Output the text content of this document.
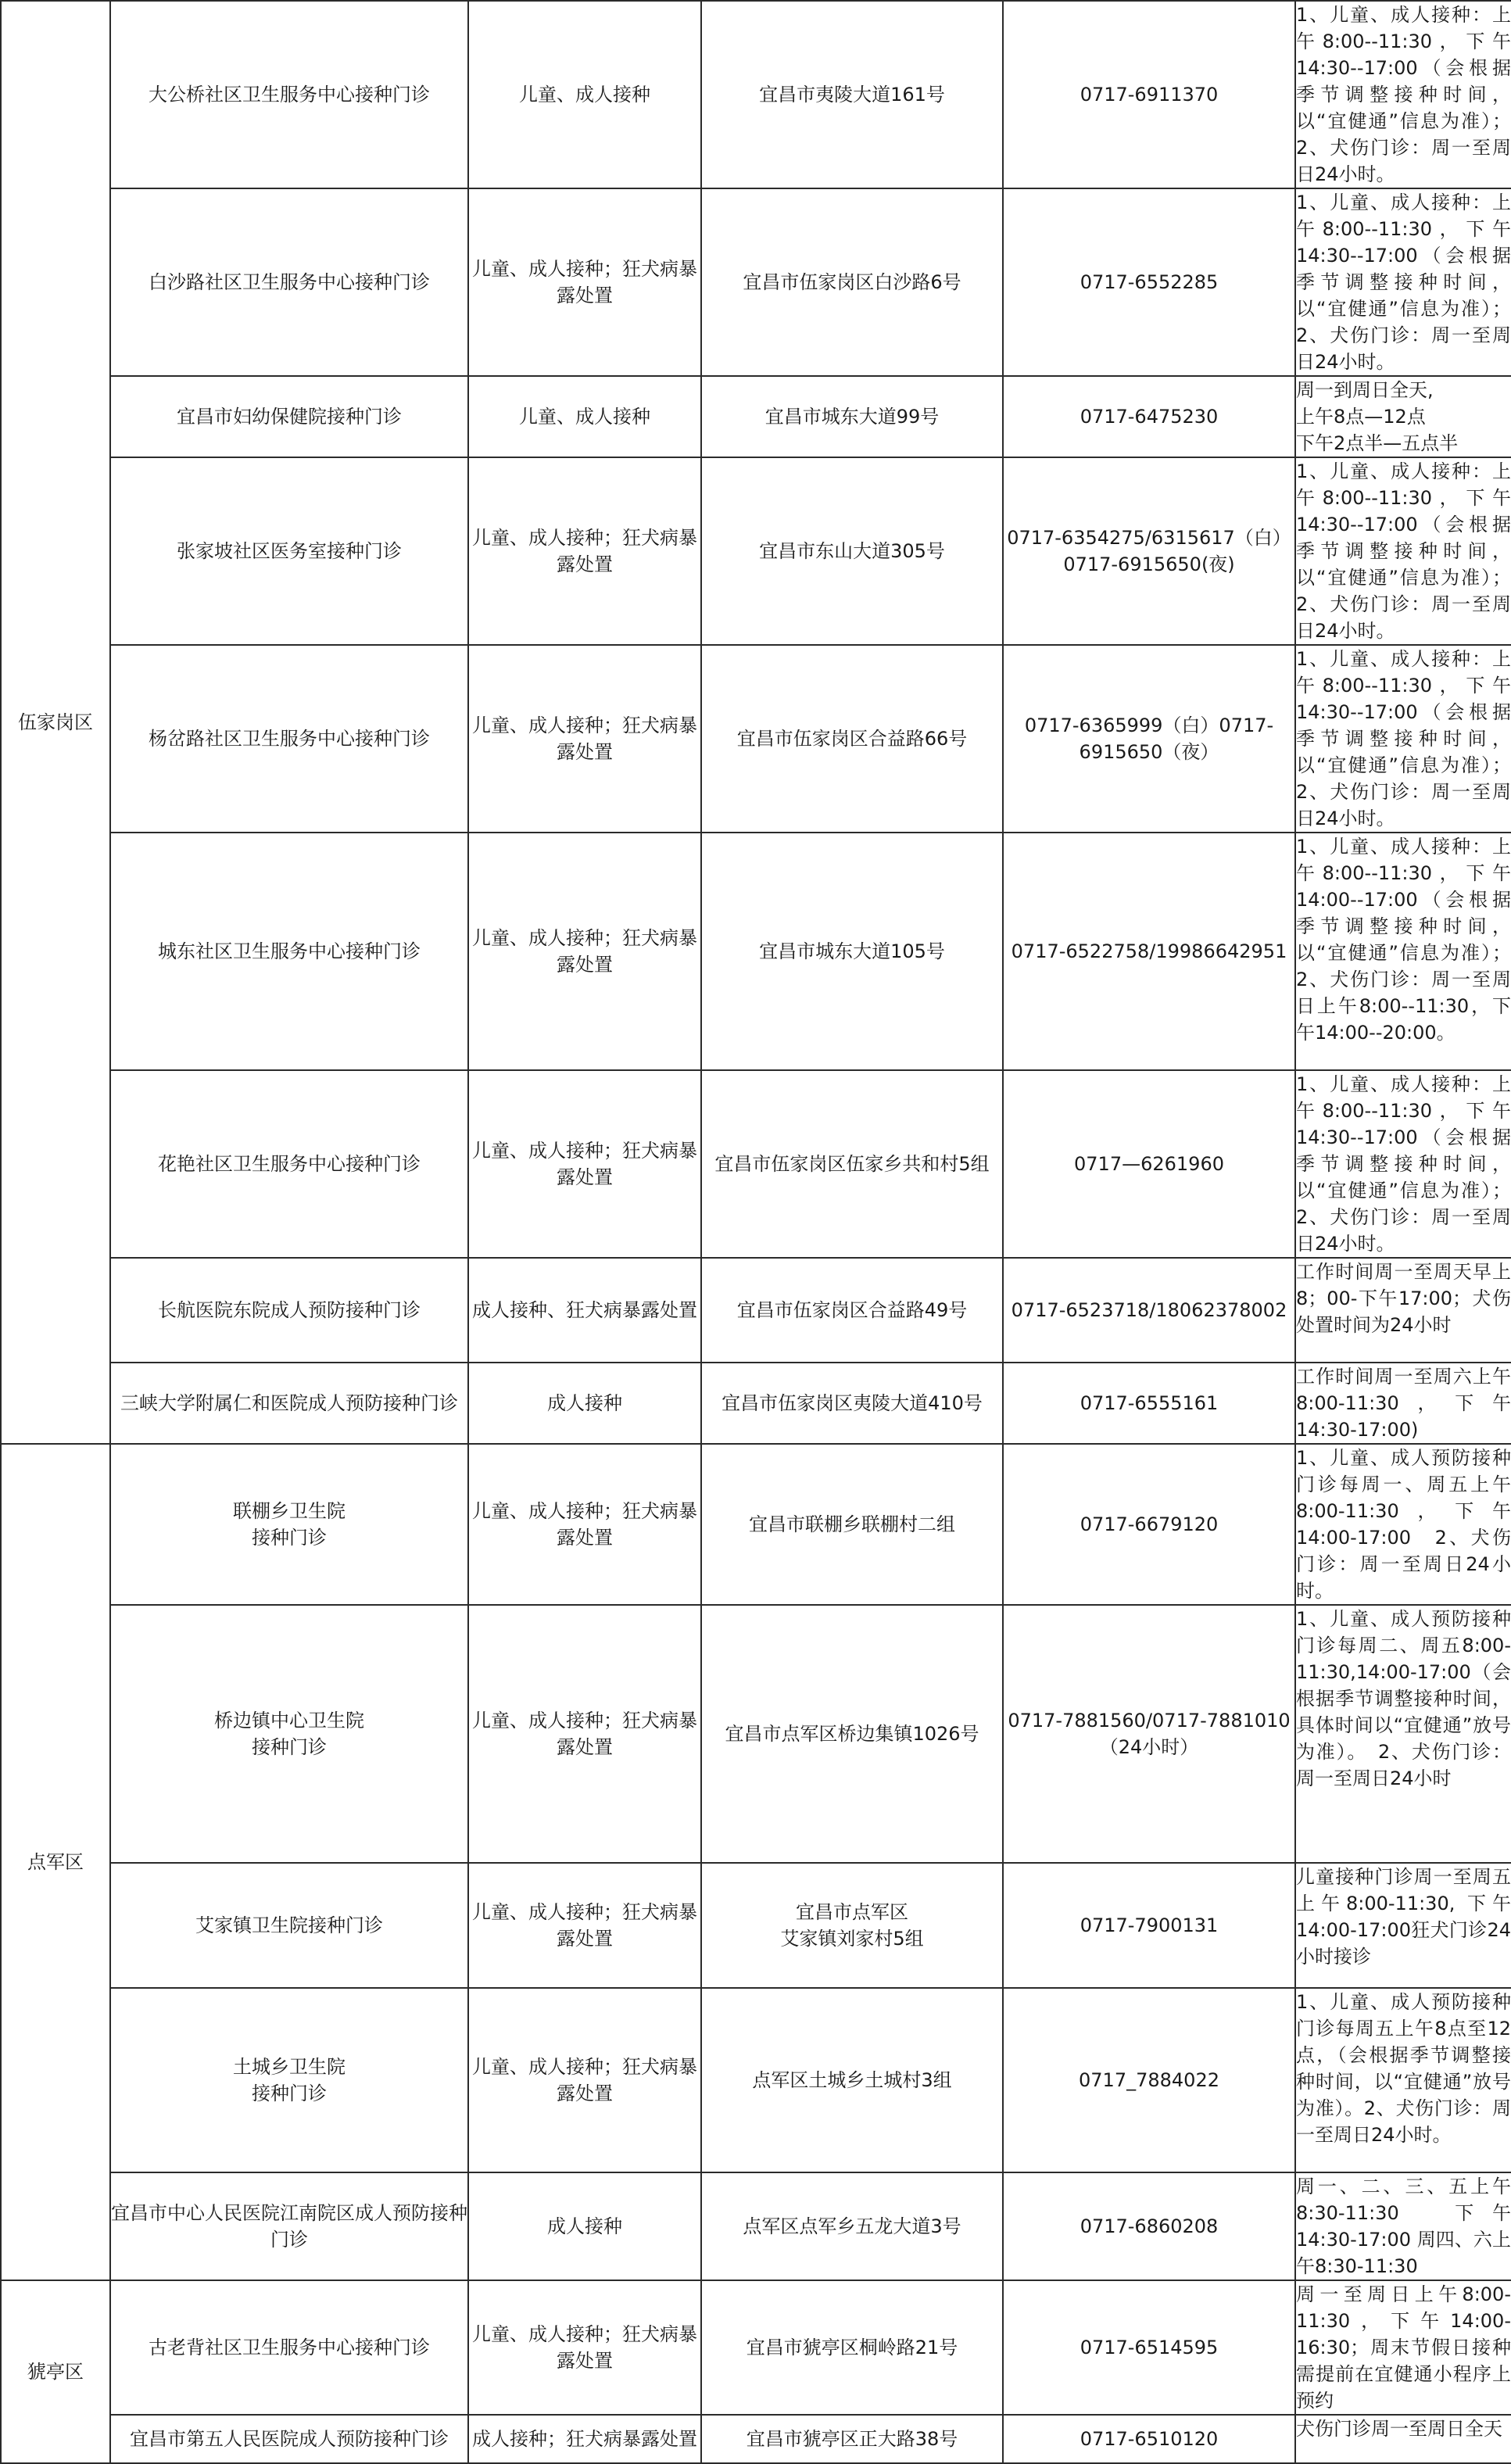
伍家岗区	大公桥社区卫生服务中心接种门诊	儿童、成人接种	宜昌市夷陵大道161号	0717-6911370	1、儿童、成人接种：上午8:00--11:30，下午14:30--17:00（会根据季节调整接种时间，以“宜健通”信息为准）；2、犬伤门诊：周一至周日24小时。

	白沙路社区卫生服务中心接种门诊	儿童、成人接种；狂犬病暴露处置	宜昌市伍家岗区白沙路6号	0717-6552285	1、儿童、成人接种：上午8:00--11:30，下午14:30--17:00（会根据季节调整接种时间，以“宜健通”信息为准）；2、犬伤门诊：周一至周日24小时。

	宜昌市妇幼保健院接种门诊	儿童、成人接种	宜昌市城东大道99号	0717-6475230	周一到周日全天,
上午8点—12点
下午2点半—五点半

	张家坡社区医务室接种门诊	儿童、成人接种；狂犬病暴露处置	宜昌市东山大道305号	0717-6354275/6315617（白）0717-6915650(夜)	1、儿童、成人接种：上午8:00--11:30，下午14:30--17:00（会根据季节调整接种时间，以“宜健通”信息为准）；2、犬伤门诊：周一至周日24小时。

	杨岔路社区卫生服务中心接种门诊	儿童、成人接种；狂犬病暴露处置	宜昌市伍家岗区合益路66号	0717-6365999（白）0717-6915650（夜）	1、儿童、成人接种：上午8:00--11:30，下午14:30--17:00（会根据季节调整接种时间，以“宜健通”信息为准）；2、犬伤门诊：周一至周日24小时。

	城东社区卫生服务中心接种门诊	儿童、成人接种；狂犬病暴露处置	宜昌市城东大道105号	0717-6522758/19986642951	1、儿童、成人接种：上午8:00--11:30，下午14:00--17:00（会根据季节调整接种时间，以“宜健通”信息为准）；2、犬伤门诊：周一至周日上午8:00--11:30，下午14:00--20:00。

	花艳社区卫生服务中心接种门诊	儿童、成人接种；狂犬病暴露处置	宜昌市伍家岗区伍家乡共和村5组	0717—6261960	1、儿童、成人接种：上午8:00--11:30，下午14:30--17:00（会根据季节调整接种时间，以“宜健通”信息为准）；2、犬伤门诊：周一至周日24小时。

	长航医院东院成人预防接种门诊	成人接种、狂犬病暴露处置	宜昌市伍家岗区合益路49号	0717-6523718/18062378002	工作时间周一至周天早上8；00-下午17:00；犬伤处置时间为24小时

	三峡大学附属仁和医院成人预防接种门诊	成人接种	宜昌市伍家岗区夷陵大道410号	0717-6555161	工作时间周一至周六上午8:00-11:30，下午14:30-17:00)

点军区	联棚乡卫生院
接种门诊	儿童、成人接种；狂犬病暴露处置	宜昌市联棚乡联棚村二组	0717-6679120	1、儿童、成人预防接种门诊每周一、周五上午8:00-11:30，下午14:00-17:00　2、犬伤门诊：周一至周日24小时。

	桥边镇中心卫生院
接种门诊	儿童、成人接种；狂犬病暴露处置	宜昌市点军区桥边集镇1026号	0717-7881560/0717-7881010（24小时）	1、儿童、成人预防接种门诊每周二、周五8:00-11:30,14:00-17:00（会根据季节调整接种时间，具体时间以“宜健通”放号为准）。　2、犬伤门诊：周一至周日24小时

	艾家镇卫生院接种门诊	儿童、成人接种；狂犬病暴露处置	宜昌市点军区
艾家镇刘家村5组	0717-7900131	儿童接种门诊周一至周五上午8:00-11:30, 下午14:00-17:00狂犬门诊24小时接诊

	土城乡卫生院
接种门诊	儿童、成人接种；狂犬病暴露处置	点军区土城乡土城村3组	0717_7884022	1、儿童、成人预防接种门诊每周五上午8点至12点，（会根据季节调整接种时间，以“宜健通”放号为准）。2、犬伤门诊：周一至周日24小时。

	宜昌市中心人民医院江南院区成人预防接种门诊	成人接种	点军区点军乡五龙大道3号	0717-6860208	周一、二、三、五上午8:30-11:30　下午14:30-17:00 周四、六上午8:30-11:30

猇亭区	古老背社区卫生服务中心接种门诊	儿童、成人接种；狂犬病暴露处置	宜昌市猇亭区桐岭路21号	0717-6514595	周一至周日上午8:00-11:30，下午14:00-16:30；周末节假日接种需提前在宜健通小程序上预约

	宜昌市第五人民医院成人预防接种门诊	成人接种；狂犬病暴露处置	宜昌市猇亭区正大路38号	0717-6510120	犬伤门诊周一至周日全天
